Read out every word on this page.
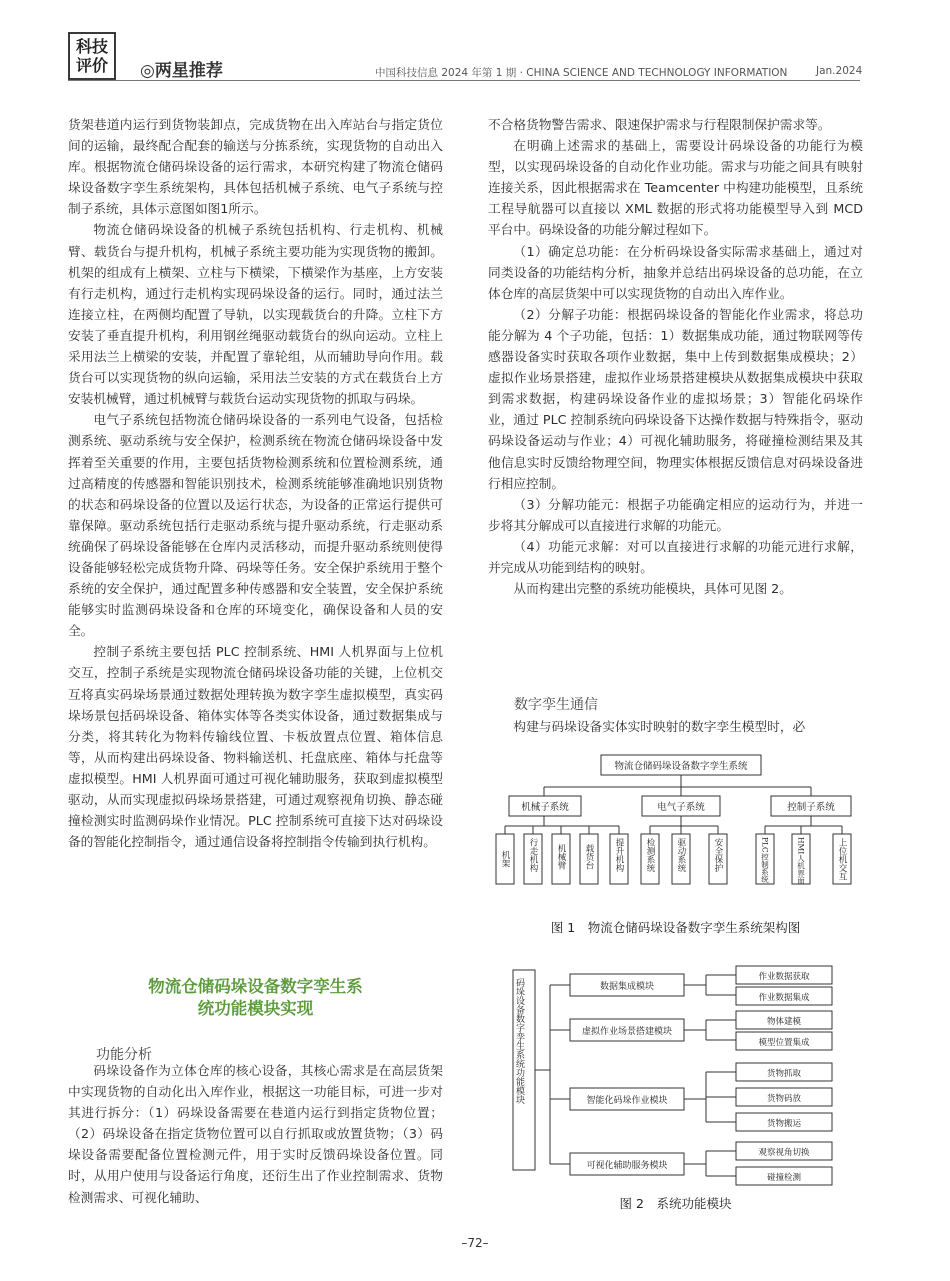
科技
评价 ◎两星推荐	中国科技信息 2024 年第 1 期 · CHINA SCIENCE AND TECHNOLOGY INFORMATION	Jan.2024

货架巷道内运行到货物装卸点，完成货物在出入库站台与指定货位间的运输，最终配合配套的输送与分拣系统，实现货物的自动出入库。根据物流仓储码垛设备的运行需求，本研究构建了物流仓储码垛设备数字孪生系统架构，具体包括机械子系统、电气子系统与控制子系统，具体示意图如图1所示。

物流仓储码垛设备的机械子系统包括机构、行走机构、机械臂、载货台与提升机构，机械子系统主要功能为实现货物的搬卸。机架的组成有上横架、立柱与下横梁，下横梁作为基座，上方安装有行走机构，通过行走机构实现码垛设备的运行。同时，通过法兰连接立柱，在两侧均配置了导轨，以实现载货台的升降。立柱下方安装了垂直提升机构，利用钢丝绳驱动载货台的纵向运动。立柱上采用法兰上横梁的安装，并配置了靠轮组，从而辅助导向作用。载货台可以实现货物的纵向运输，采用法兰安装的方式在载货台上方安装机械臂，通过机械臂与载货台运动实现货物的抓取与码垛。

电气子系统包括物流仓储码垛设备的一系列电气设备，包括检测系统、驱动系统与安全保护，检测系统在物流仓储码垛设备中发挥着至关重要的作用，主要包括货物检测系统和位置检测系统，通过高精度的传感器和智能识别技术，检测系统能够准确地识别货物的状态和码垛设备的位置以及运行状态，为设备的正常运行提供可靠保障。驱动系统包括行走驱动系统与提升驱动系统，行走驱动系统确保了码垛设备能够在仓库内灵活移动，而提升驱动系统则使得设备能够轻松完成货物升降、码垛等任务。安全保护系统用于整个系统的安全保护，通过配置多种传感器和安全装置，安全保护系统能够实时监测码垛设备和仓库的环境变化，确保设备和人员的安全。

控制子系统主要包括 PLC 控制系统、HMI 人机界面与上位机交互，控制子系统是实现物流仓储码垛设备功能的关键，上位机交互将真实码垛场景通过数据处理转换为数字孪生虚拟模型，真实码垛场景包括码垛设备、箱体实体等各类实体设备，通过数据集成与分类，将其转化为物料传输线位置、卡板放置点位置、箱体信息等，从而构建出码垛设备、物料输送机、托盘底座、箱体与托盘等虚拟模型。HMI 人机界面可通过可视化辅助服务，获取到虚拟模型驱动，从而实现虚拟码垛场景搭建，可通过观察视角切换、静态碰撞检测实时监测码垛作业情况。PLC 控制系统可直接下达对码垛设备的智能化控制指令，通过通信设备将控制指令传输到执行机构。

物流仓储码垛设备数字孪生系
统功能模块实现
功能分析

码垛设备作为立体仓库的核心设备，其核心需求是在高层货架中实现货物的自动化出入库作业，根据这一功能目标，可进一步对其进行拆分：（1）码垛设备需要在巷道内运行到指定货物位置；（2）码垛设备在指定货物位置可以自行抓取或放置货物；（3）码垛设备需要配备位置检测元件，用于实时反馈码垛设备位置。同时，从用户使用与设备运行角度，还衍生出了作业控制需求、货物检测需求、可视化辅助、

不合格货物警告需求、限速保护需求与行程限制保护需求等。

在明确上述需求的基础上，需要设计码垛设备的功能行为模型，以实现码垛设备的自动化作业功能。需求与功能之间具有映射连接关系，因此根据需求在 Teamcenter 中构建功能模型，且系统工程导航器可以直接以 XML 数据的形式将功能模型导入到 MCD 平台中。码垛设备的功能分解过程如下。

（1）确定总功能：在分析码垛设备实际需求基础上，通过对同类设备的功能结构分析，抽象并总结出码垛设备的总功能，在立体仓库的高层货架中可以实现货物的自动出入库作业。

（2）分解子功能：根据码垛设备的智能化作业需求，将总功能分解为 4 个子功能，包括：1）数据集成功能，通过物联网等传感器设备实时获取各项作业数据，集中上传到数据集成模块；2）虚拟作业场景搭建，虚拟作业场景搭建模块从数据集成模块中获取到需求数据，构建码垛设备作业的虚拟场景；3）智能化码垛作业，通过 PLC 控制系统向码垛设备下达操作数据与特殊指令，驱动码垛设备运动与作业；4）可视化辅助服务，将碰撞检测结果及其他信息实时反馈给物理空间，物理实体根据反馈信息对码垛设备进行相应控制。

（3）分解功能元：根据子功能确定相应的运动行为，并进一步将其分解成可以直接进行求解的功能元。

（4）功能元求解：对可以直接进行求解的功能元进行求解，并完成从功能到结构的映射。

从而构建出完整的系统功能模块，具体可见图 2。

数字孪生通信

构建与码垛设备实体实时映射的数字孪生模型时，必

物流仓储码垛设备数字孪生系统
机械子系统	电气子系统	控制子系统
机架 行走机构 机械臂 载货台 提升机构 检测系统 驱动系统	安全保护	PLC控制系统	HMI人机界面	上位机交互
图 1　物流仓储码垛设备数字孪生系统架构图
码垛设备数字孪生系统功能模块	数据集成模块
虚拟作业场景搭建模块
智能化码垛作业模块
可视化辅助服务模块
作业数据获取
作业数据集成
物体建模
模型位置集成
货物抓取
货物码放
货物搬运
观察视角切换
碰撞检测
图 2　系统功能模块
–72–
